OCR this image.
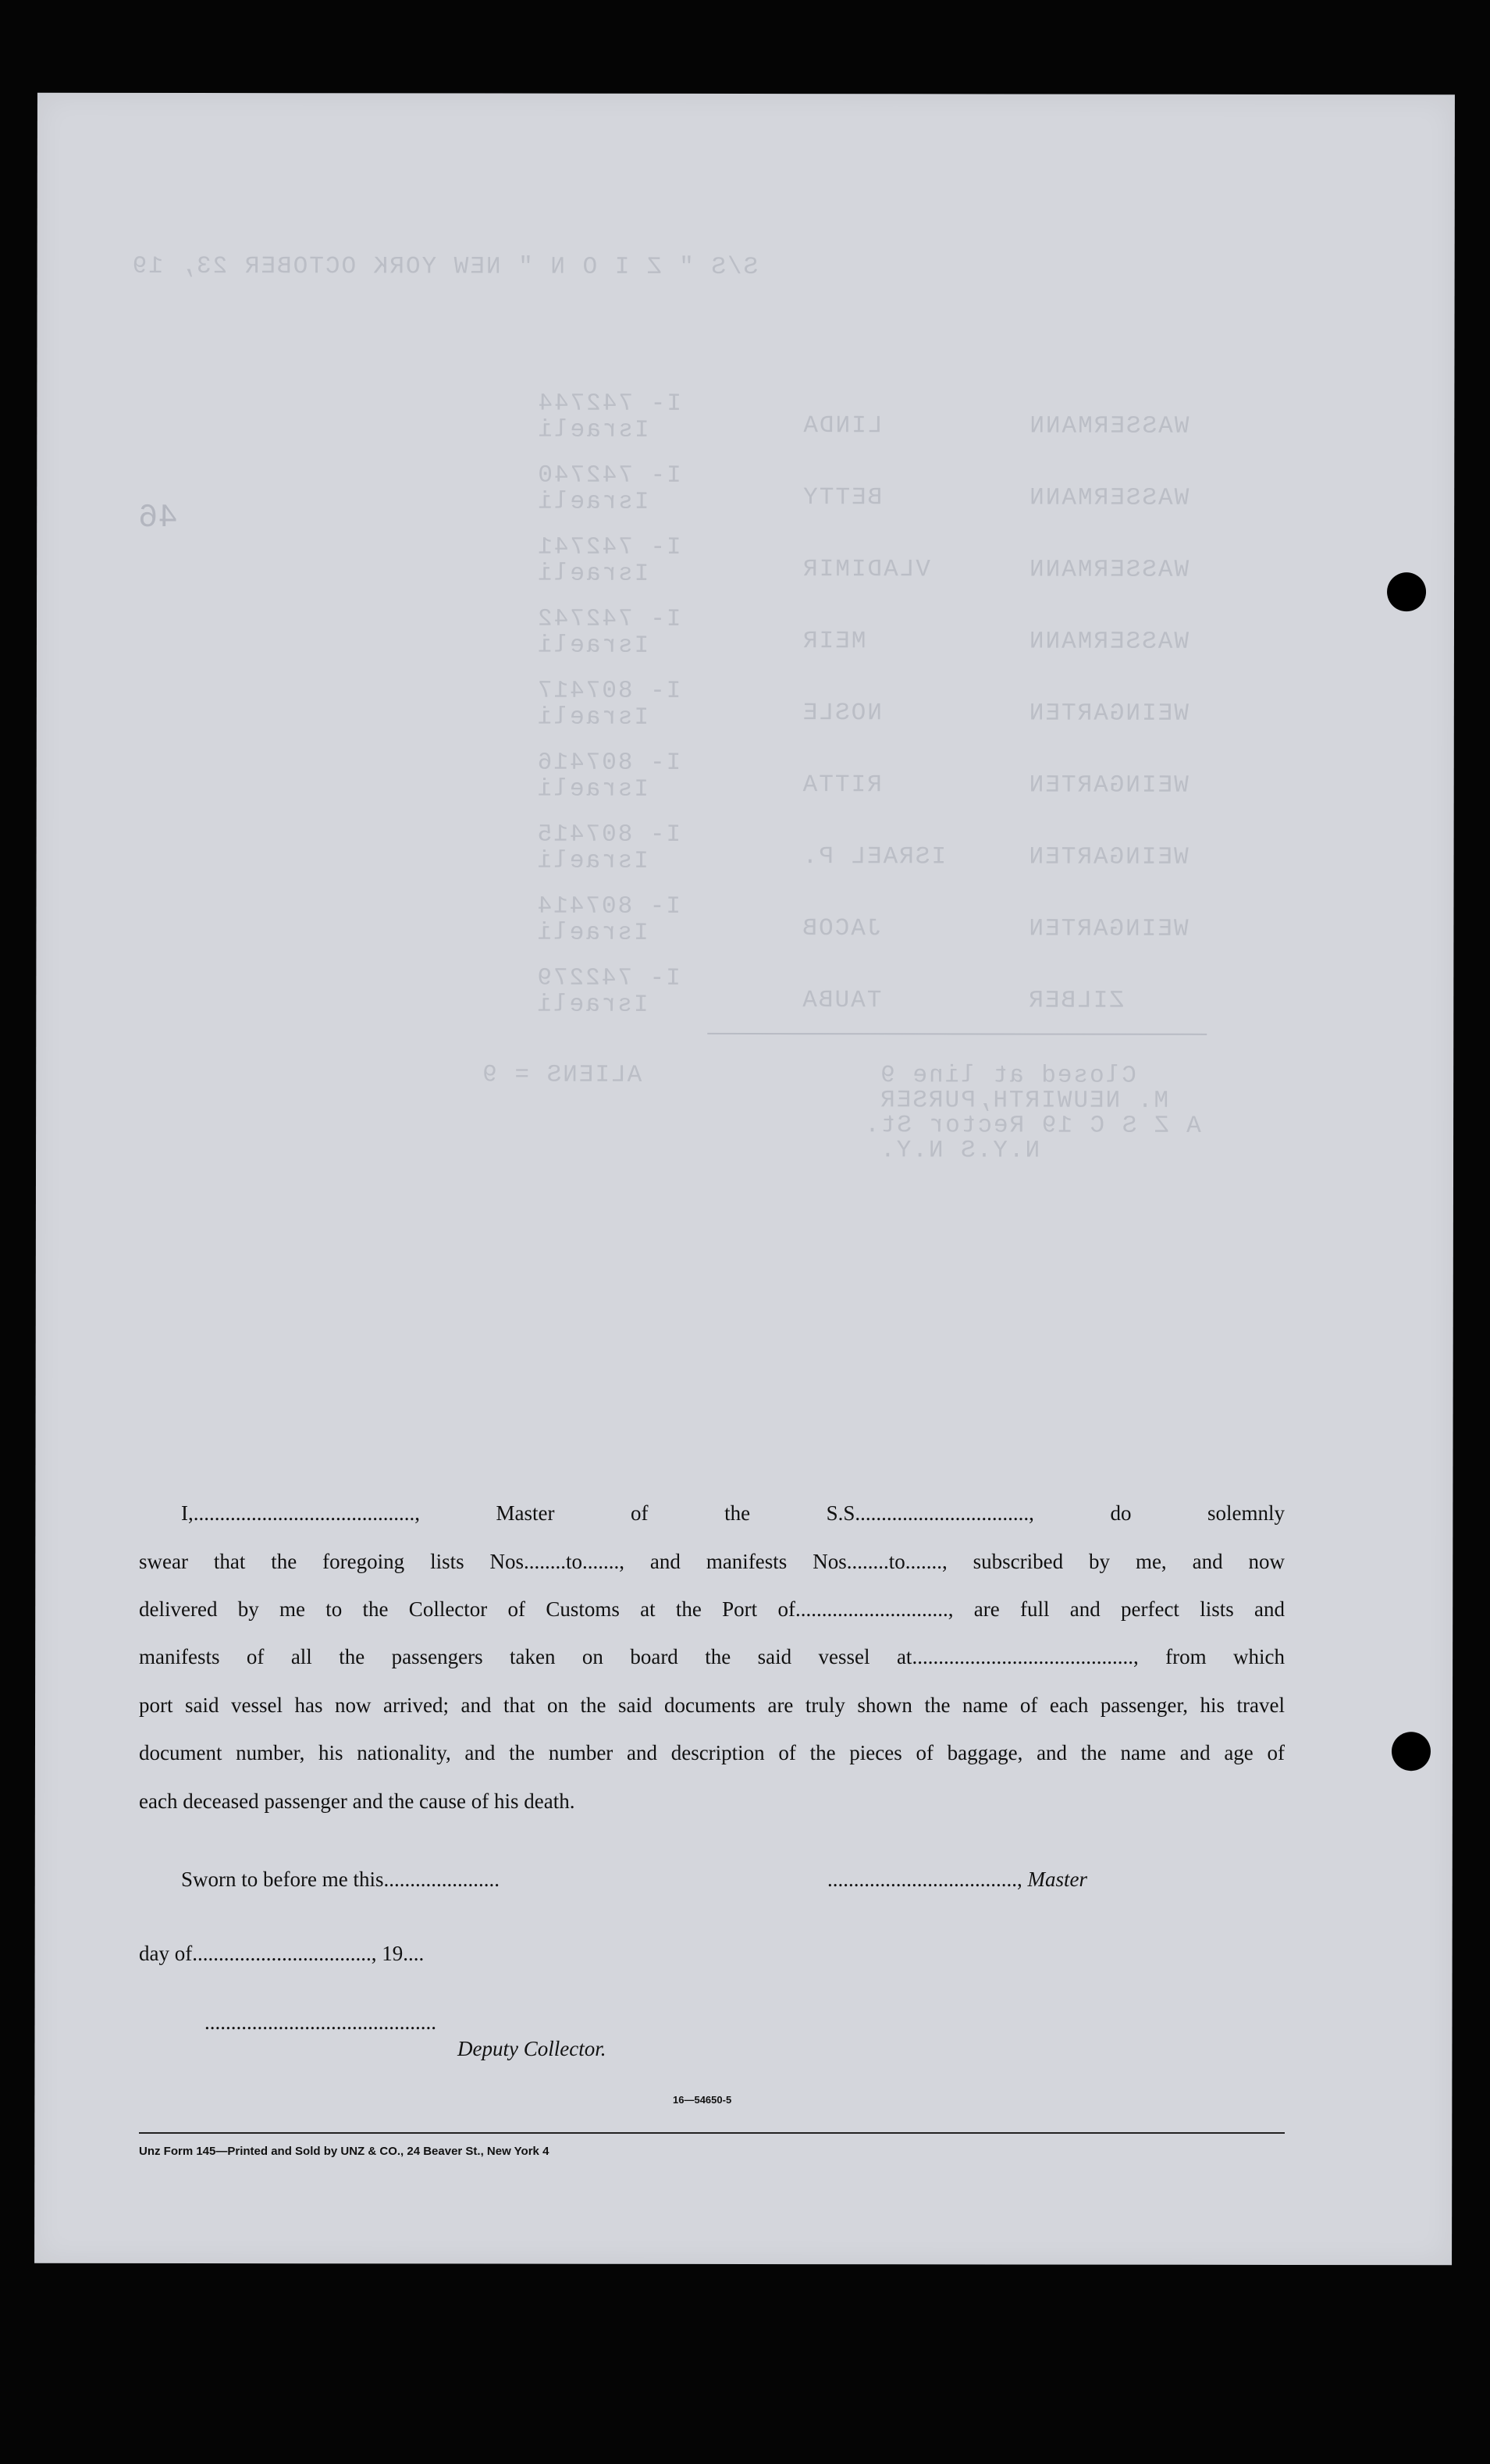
46
S/S " Z I O N " NEW YORK OCTOBER 23, 19
WASSERMANN
LINDA
I- 742744
Israeli
WASSERMANN
BETTY
I- 742740
Israeli
WASSERMANN
VLADIMIR
I- 742741
Israeli
WASSERMANN
MEIR
I- 742742
Israeli
WEINGARTEN
NOSLE
I- 807417
Israeli
WEINGARTEN
RITTA
I- 807416
Israeli
WEINGARTEN
ISRAEL P.
I- 807415
Israeli
WEINGARTEN
JACOB
I- 807414
Israeli
ZILBER
TAUBA
I- 742279
Israeli
ALIENS = 9	Closed at line 9
M. NEUWIRTH,PURSER
A Z S C 19 Rector St.
N.Y.S N.Y.
I,.........................................., Master of the S.S................................., do solemnly
swear that the foregoing lists Nos........to......., and manifests Nos........to......., subscribed by me, and now
delivered by me to the Collector of Customs at the Port of............................., are full and perfect lists and
manifests of all the passengers taken on board the said vessel at.........................................., from which
port said vessel has now arrived; and that on the said documents are truly shown the name of each passenger, his travel
document number, his nationality, and the number and description of the pieces of baggage, and the name and age of
each deceased passenger and the cause of his death.
Sworn to before me this......................	...................................., Master
day of.................................., 19....
............................................
Deputy Collector.
16—54650-5
Unz Form 145—Printed and Sold by UNZ & CO., 24 Beaver St., New York 4
